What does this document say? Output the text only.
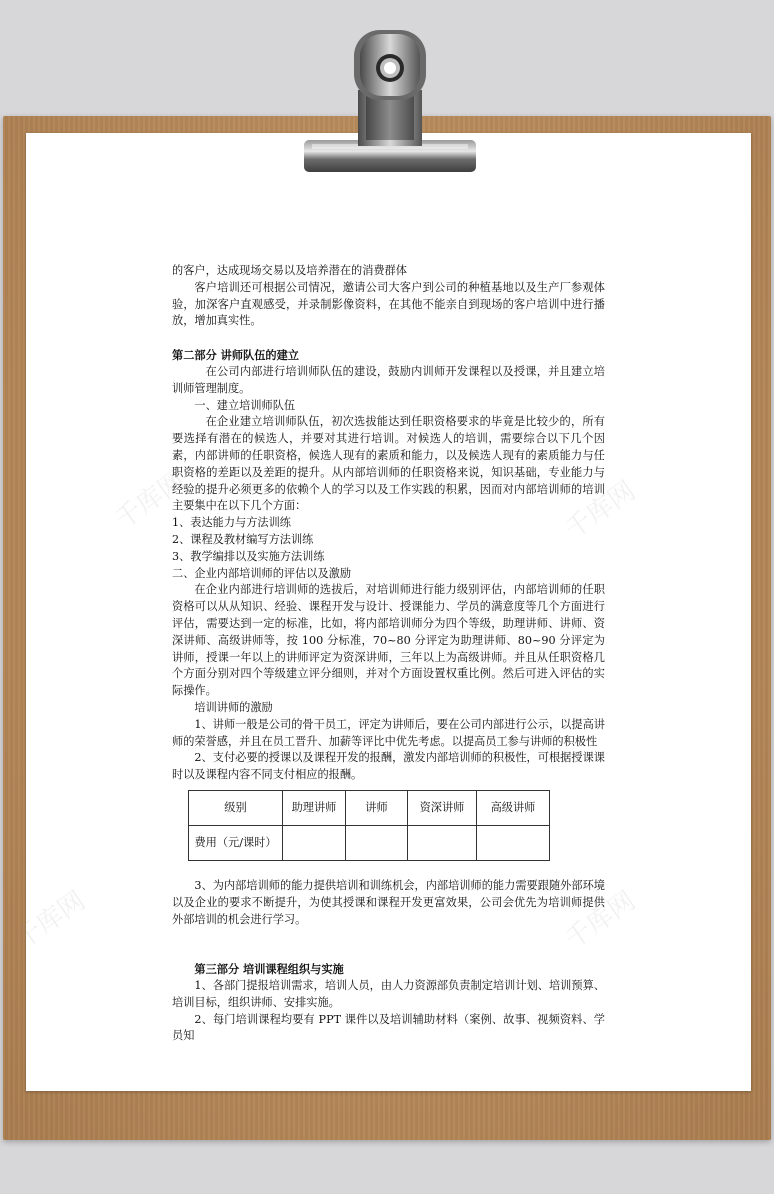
千库网	千库网
千库网	千库网

的客户，达成现场交易以及培养潜在的消费群体

客户培训还可根据公司情况，邀请公司大客户到公司的种植基地以及生产厂参观体验，加深客户直观感受，并录制影像资料，在其他不能亲自到现场的客户培训中进行播放，增加真实性。

第二部分 讲师队伍的建立

在公司内部进行培训师队伍的建设，鼓励内训师开发课程以及授课，并且建立培训师管理制度。

一、建立培训师队伍

在企业建立培训师队伍，初次选拔能达到任职资格要求的毕竟是比较少的，所有要选择有潜在的候选人，并要对其进行培训。对候选人的培训，需要综合以下几个因素，内部讲师的任职资格，候选人现有的素质和能力，以及候选人现有的素质能力与任职资格的差距以及差距的提升。从内部培训师的任职资格来说，知识基础，专业能力与经验的提升必须更多的依赖个人的学习以及工作实践的积累，因而对内部培训师的培训主要集中在以下几个方面：

1、表达能力与方法训练

2、课程及教材编写方法训练

3、教学编排以及实施方法训练

二、企业内部培训师的评估以及激励

在企业内部进行培训师的选拔后，对培训师进行能力级别评估，内部培训师的任职资格可以从从知识、经验、课程开发与设计、授课能力、学员的满意度等几个方面进行评估，需要达到一定的标准，比如，将内部培训师分为四个等级，助理讲师、讲师、资深讲师、高级讲师等，按 100 分标准，70~80 分评定为助理讲师、80~90 分评定为讲师，授课一年以上的讲师评定为资深讲师，三年以上为高级讲师。并且从任职资格几个方面分别对四个等级建立评分细则，并对个方面设置权重比例。然后可进入评估的实际操作。

培训讲师的激励

1、讲师一般是公司的骨干员工，评定为讲师后，要在公司内部进行公示，以提高讲师的荣誉感，并且在员工晋升、加薪等评比中优先考虑。以提高员工参与讲师的积极性

2、支付必要的授课以及课程开发的报酬，激发内部培训师的积极性，可根据授课课时以及课程内容不同支付相应的报酬。

级别	助理讲师	讲师	资深讲师	高级讲师
费用（元/课时）				

3、为内部培训师的能力提供培训和训练机会，内部培训师的能力需要跟随外部环境以及企业的要求不断提升，为使其授课和课程开发更富效果，公司会优先为培训师提供外部培训的机会进行学习。

第三部分 培训课程组织与实施

1、各部门提报培训需求，培训人员，由人力资源部负责制定培训计划、培训预算、培训目标，组织讲师、安排实施。

2、每门培训课程均要有 PPT 课件以及培训辅助材料（案例、故事、视频资料、学员知
